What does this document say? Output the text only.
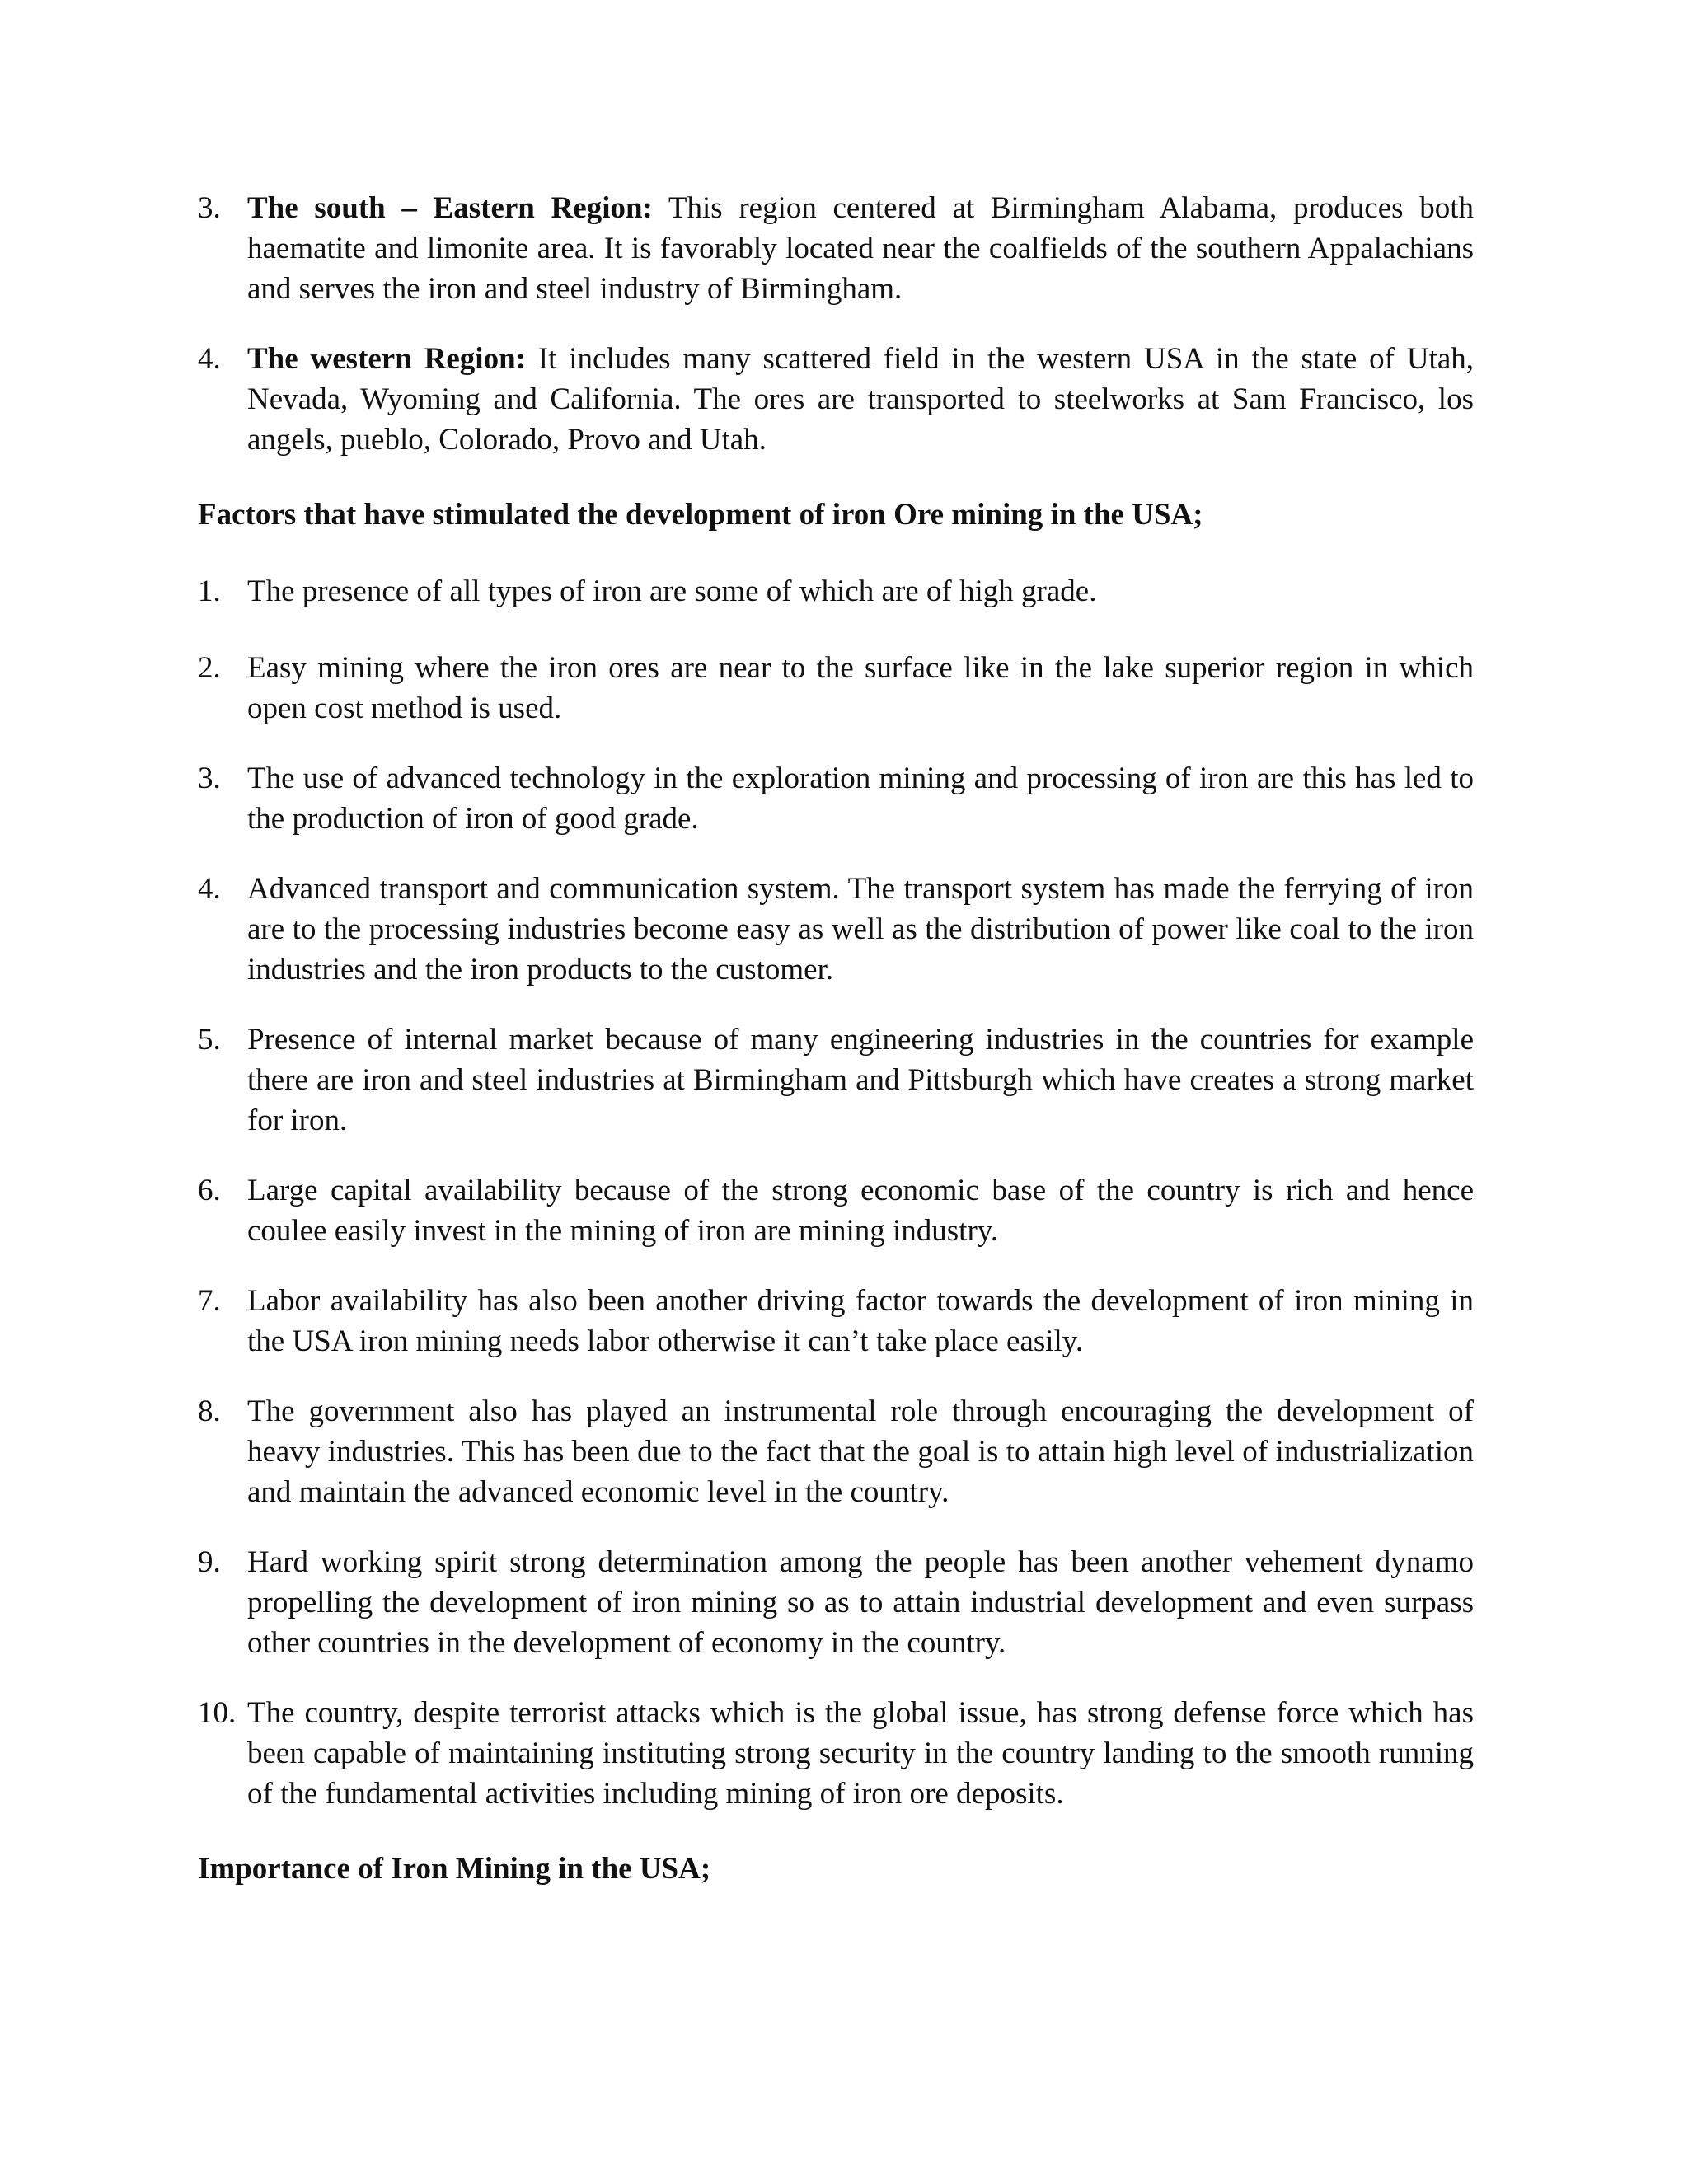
3. The south – Eastern Region: This region centered at Birmingham Alabama, produces both haematite and limonite area. It is favorably located near the coalfields of the southern Appalachians and serves the iron and steel industry of Birmingham.

4. The western Region: It includes many scattered field in the western USA in the state of Utah, Nevada, Wyoming and California. The ores are transported to steelworks at Sam Francisco, los angels, pueblo, Colorado, Provo and Utah.

Factors that have stimulated the development of iron Ore mining in the USA;

1. The presence of all types of iron are some of which are of high grade.

2. Easy mining where the iron ores are near to the surface like in the lake superior region in which open cost method is used.

3. The use of advanced technology in the exploration mining and processing of iron are this has led to the production of iron of good grade.

4. Advanced transport and communication system. The transport system has made the ferrying of iron are to the processing industries become easy as well as the distribution of power like coal to the iron industries and the iron products to the customer.

5. Presence of internal market because of many engineering industries in the countries for example there are iron and steel industries at Birmingham and Pittsburgh which have creates a strong market for iron.

6. Large capital availability because of the strong economic base of the country is rich and hence coulee easily invest in the mining of iron are mining industry.

7. Labor availability has also been another driving factor towards the development of iron mining in the USA iron mining needs labor otherwise it can’t take place easily.

8. The government also has played an instrumental role through encouraging the development of heavy industries. This has been due to the fact that the goal is to attain high level of industrialization and maintain the advanced economic level in the country.

9. Hard working spirit strong determination among the people has been another vehement dynamo propelling the development of iron mining so as to attain industrial development and even surpass other countries in the development of economy in the country.

10. The country, despite terrorist attacks which is the global issue, has strong defense force which has been capable of maintaining instituting strong security in the country landing to the smooth running of the fundamental activities including mining of iron ore deposits.

Importance of Iron Mining in the USA;
